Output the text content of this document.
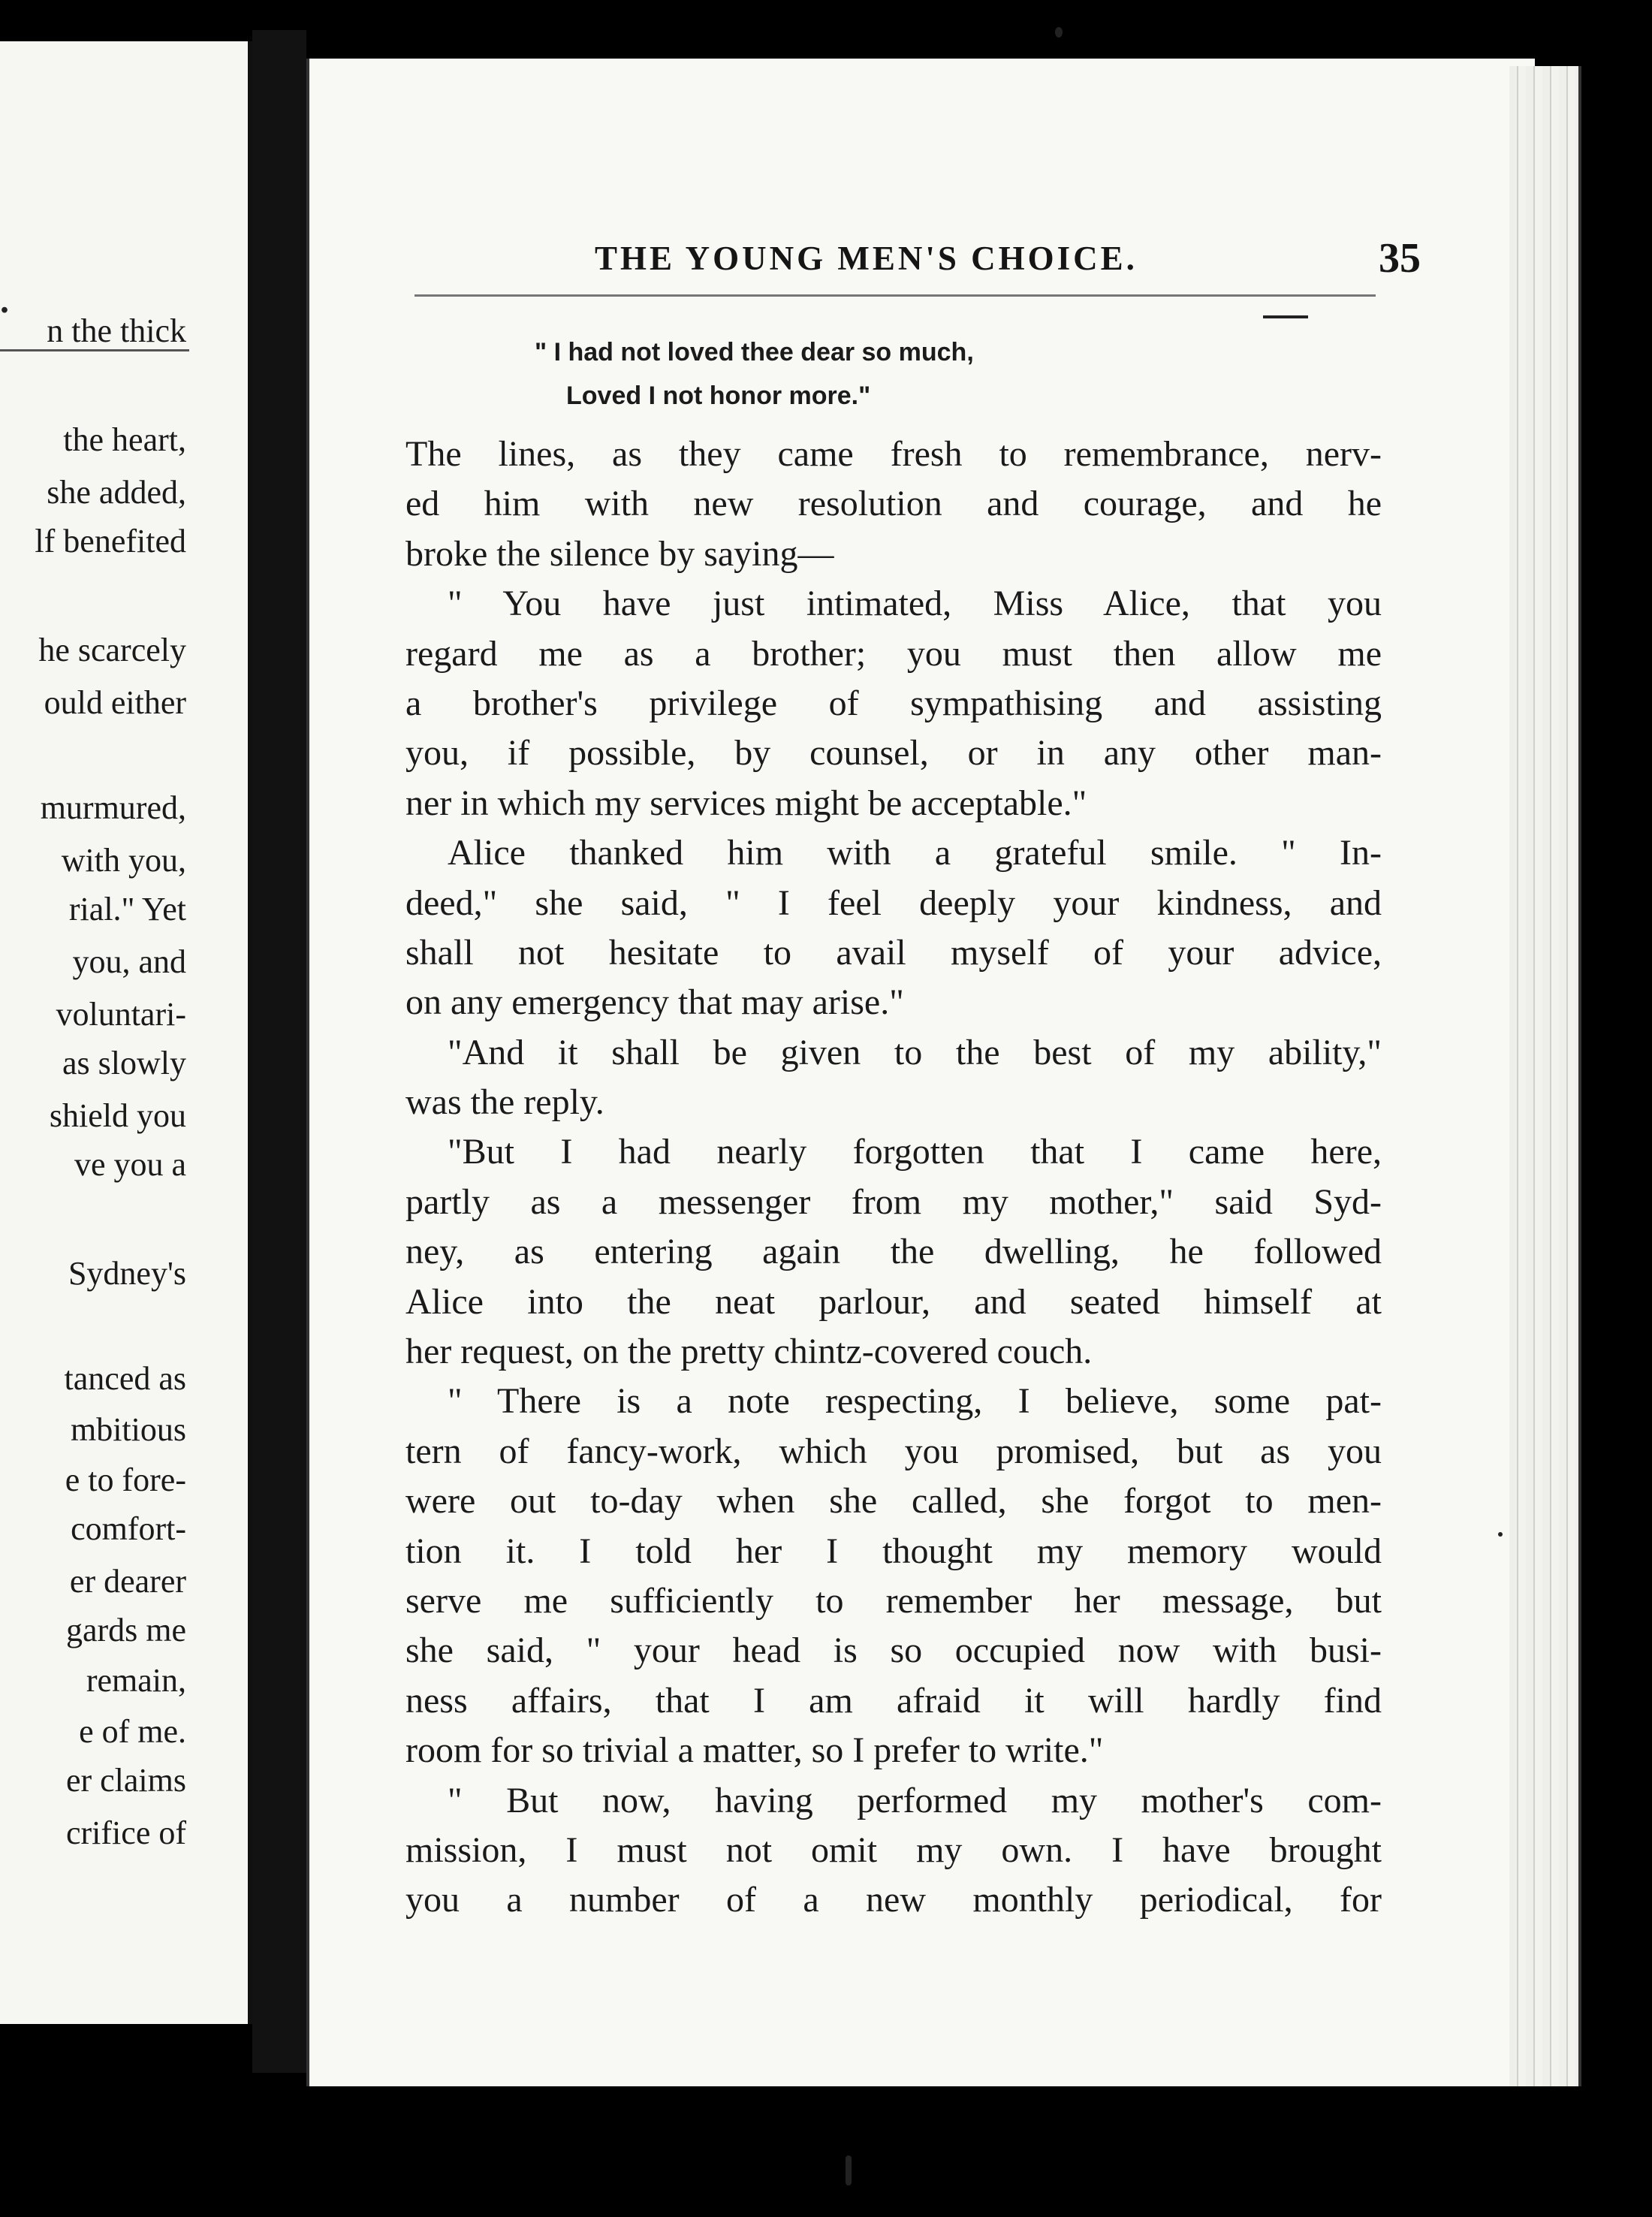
.
n the thick
the heart,
she added,
lf benefited
he scarcely
ould either
murmured,
with you,
rial." Yet
you, and
voluntari-
as slowly
shield you
ve you a
Sydney's
tanced as
mbitious
e to fore-
comfort-
er dearer
gards me
remain,
e of me.
er claims
crifice of
THE YOUNG MEN'S CHOICE.	35
" I had not loved thee dear so much,
Loved I not honor more."
The lines, as they came fresh to remembrance, nerv-
ed him with new resolution and courage, and he
broke the silence by saying—
" You have just intimated, Miss Alice, that you
regard me as a brother; you must then allow me
a brother's privilege of sympathising and assisting
you, if possible, by counsel, or in any other man-
ner in which my services might be acceptable."
Alice thanked him with a grateful smile. " In-
deed," she said, " I feel deeply your kindness, and
shall not hesitate to avail myself of your advice,
on any emergency that may arise."
"And it shall be given to the best of my ability,"
was the reply.
"But I had nearly forgotten that I came here,
partly as a messenger from my mother," said Syd-
ney, as entering again the dwelling, he followed
Alice into the neat parlour, and seated himself at
her request, on the pretty chintz-covered couch.
" There is a note respecting, I believe, some pat-
tern of fancy-work, which you promised, but as you
were out to-day when she called, she forgot to men-
tion it. I told her I thought my memory would
serve me sufficiently to remember her message, but
she said, " your head is so occupied now with busi-
ness affairs, that I am afraid it will hardly find
room for so trivial a matter, so I prefer to write."
" But now, having performed my mother's com-
mission, I must not omit my own. I have brought
you a number of a new monthly periodical, for
